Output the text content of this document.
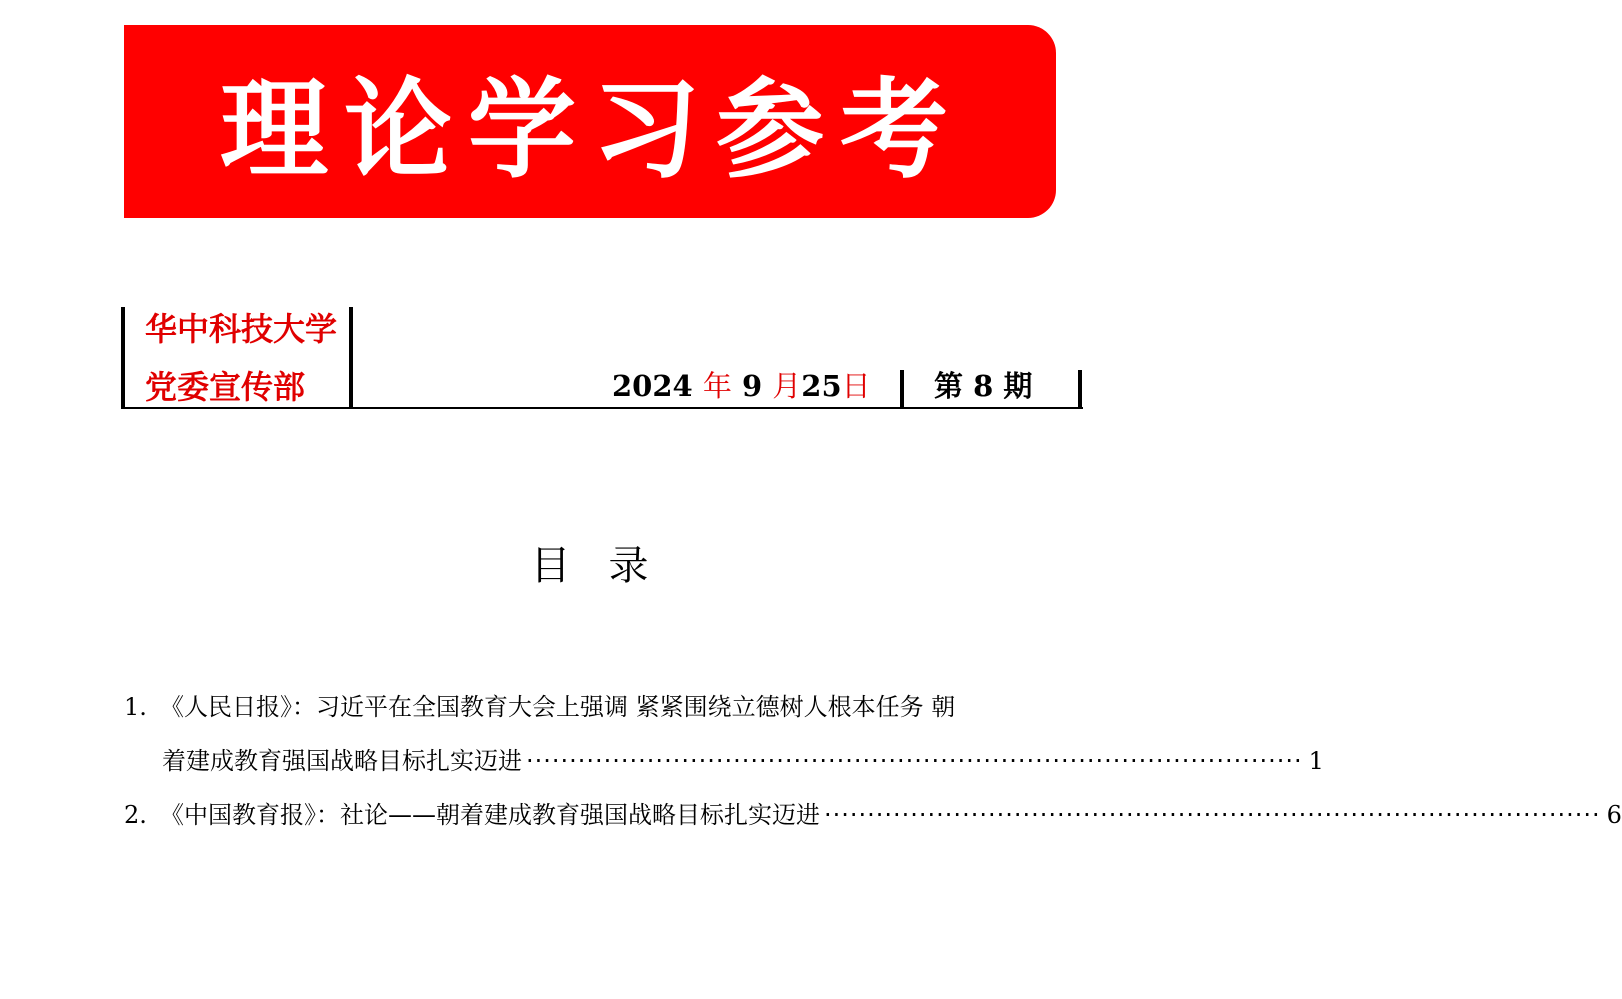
理论学习参考
华中科技大学
党委宣传部	2024 年 9 月25日 第 8 期
目录
1. 《人民日报》：习近平在全国教育大会上强调 紧紧围绕立德树人根本任务 朝
着建成教育强国战略目标扎实迈进 ·························································································· 1
2. 《中国教育报》：社论——朝着建成教育强国战略目标扎实迈进 ·························································································· 6
